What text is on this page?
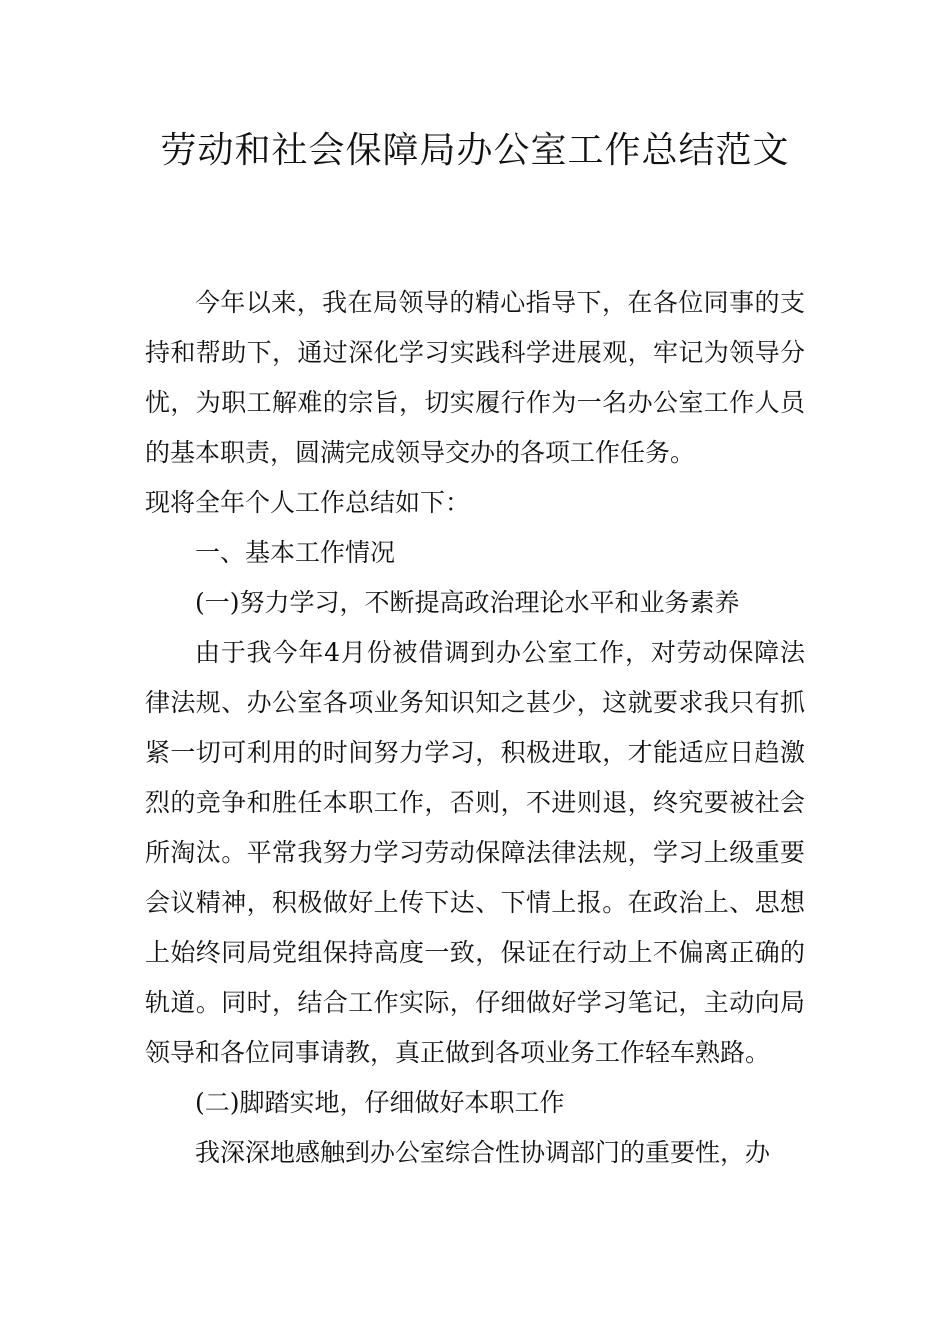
劳动和社会保障局办公室工作总结范文

今年以来，我在局领导的精心指导下，在各位同事的支持和帮助下，通过深化学习实践科学进展观，牢记为领导分忧，为职工解难的宗旨，切实履行作为一名办公室工作人员的基本职责，圆满完成领导交办的各项工作任务。

现将全年个人工作总结如下：

一、基本工作情况

(一)努力学习，不断提高政治理论水平和业务素养

由于我今年4月份被借调到办公室工作，对劳动保障法律法规、办公室各项业务知识知之甚少，这就要求我只有抓紧一切可利用的时间努力学习，积极进取，才能适应日趋激烈的竞争和胜任本职工作，否则，不进则退，终究要被社会所淘汰。平常我努力学习劳动保障法律法规，学习上级重要会议精神，积极做好上传下达、下情上报。在政治上、思想上始终同局党组保持高度一致，保证在行动上不偏离正确的轨道。同时，结合工作实际，仔细做好学习笔记，主动向局领导和各位同事请教，真正做到各项业务工作轻车熟路。

(二)脚踏实地，仔细做好本职工作

我深深地感触到办公室综合性协调部门的重要性，办
